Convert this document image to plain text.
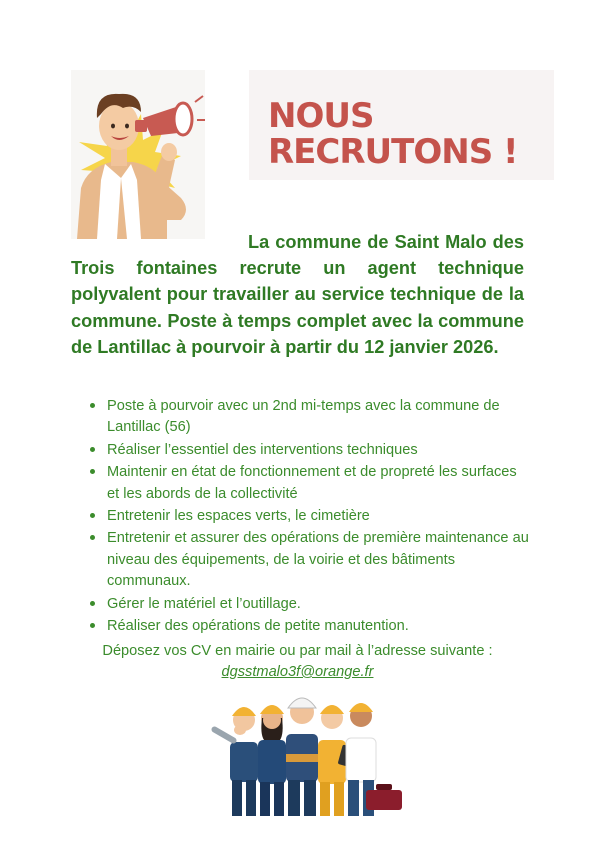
NOUS
RECRUTONS !

La commune de Saint Malo des Trois fontaines recrute un agent technique polyvalent pour travailler au service technique de la commune. Poste à temps complet avec la commune de Lantillac à pourvoir à partir du 12 janvier 2026.

Poste à pourvoir avec un 2nd mi-temps avec la commune de Lantillac (56)
Réaliser l’essentiel des interventions techniques
Maintenir en état de fonctionnement et de propreté les surfaces et les abords de la collectivité
Entretenir les espaces verts, le cimetière
Entretenir et assurer des opérations de première maintenance au niveau des équipements, de la voirie et des bâtiments communaux.
Gérer le matériel et l’outillage.
Réaliser des opérations de petite manutention.

Déposez vos CV en mairie ou par mail à l’adresse suivante :

dgsstmalo3f@orange.fr
